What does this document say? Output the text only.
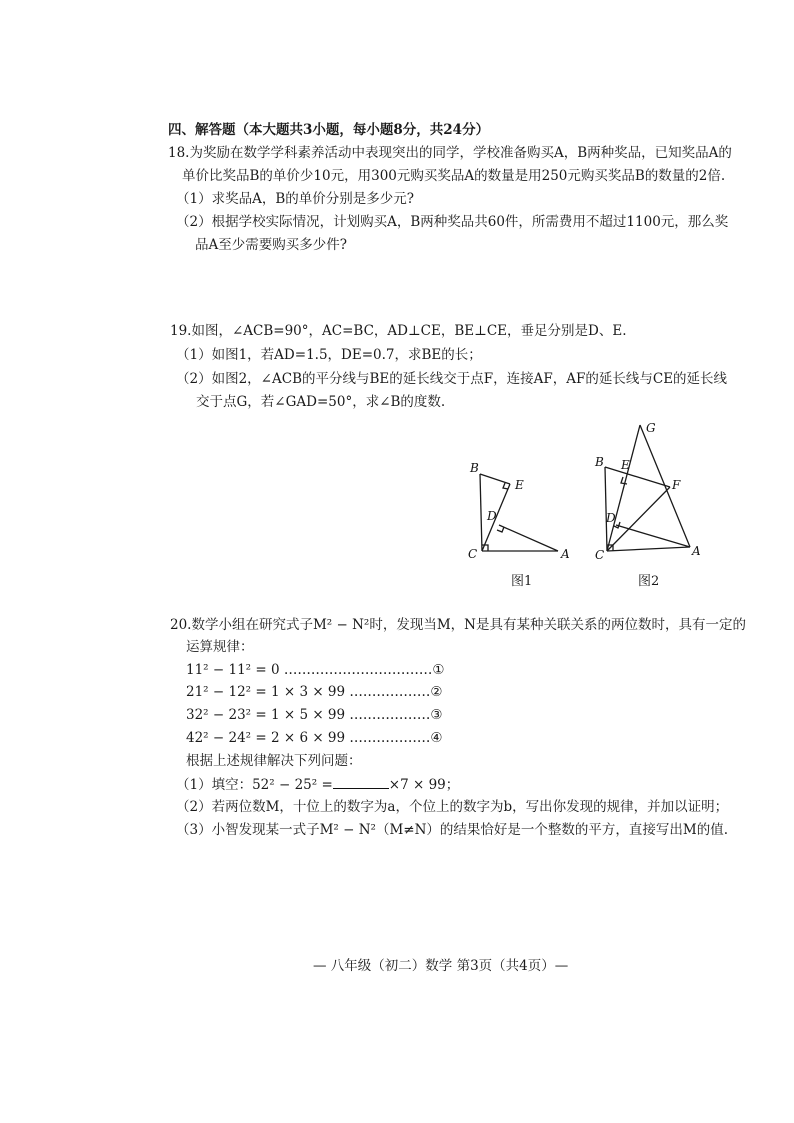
四、解答题（本大题共3小题，每小题8分，共24分）
18.为奖励在数学学科素养活动中表现突出的同学，学校准备购买A，B两种奖品，已知奖品A的
单价比奖品B的单价少10元，用300元购买奖品A的数量是用250元购买奖品B的数量的2倍.
（1）求奖品A，B的单价分别是多少元?
（2）根据学校实际情况，计划购买A，B两种奖品共60件，所需费用不超过1100元，那么奖
品A至少需要购买多少件?
19.如图，∠ACB=90°，AC=BC，AD⊥CE，BE⊥CE，垂足分别是D、E.
（1）如图1，若AD=1.5，DE=0.7，求BE的长；
（2）如图2，∠ACB的平分线与BE的延长线交于点F，连接AF，AF的延长线与CE的延长线
交于点G，若∠GAD=50°，求∠B的度数.
B
E
D
C	A
G
B E
F
D
C	A
图1	图2
20.数学小组在研究式子M² − N²时，发现当M，N是具有某种关联关系的两位数时，具有一定的
运算规律：
11² − 11² = 0 ……………………………①
21² − 12² = 1 × 3 × 99 ………………②
32² − 23² = 1 × 5 × 99 ………………③
42² − 24² = 2 × 6 × 99 ………………④
根据上述规律解决下列问题：
（1）填空：52² − 25² =	×7 × 99；
（2）若两位数M，十位上的数字为a，个位上的数字为b，写出你发现的规律，并加以证明；
（3）小智发现某一式子M² − N²（M≠N）的结果恰好是一个整数的平方，直接写出M的值.
— 八年级（初二）数学 第3页（共4页）—
